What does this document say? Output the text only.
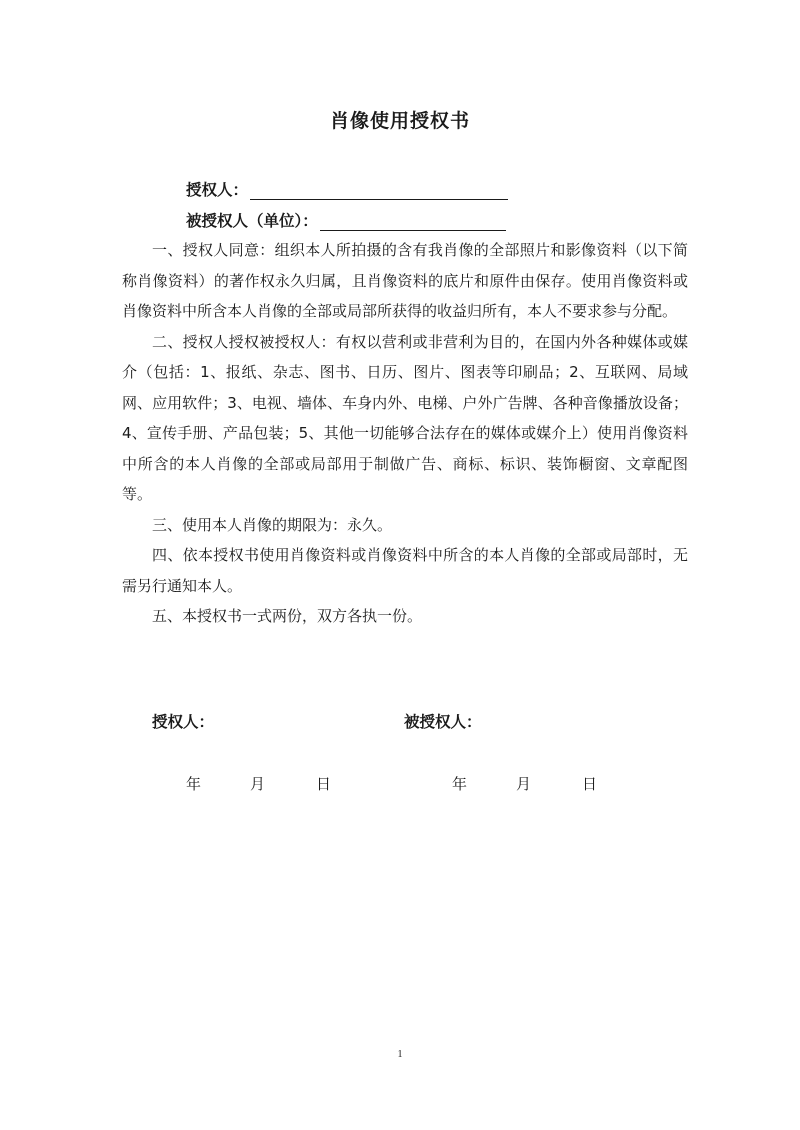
肖像使用授权书
授权人：
被授权人（单位）：

一、授权人同意：组织本人所拍摄的含有我肖像的全部照片和影像资料（以下简称肖像资料）的著作权永久归属，且肖像资料的底片和原件由保存。使用肖像资料或肖像资料中所含本人肖像的全部或局部所获得的收益归所有，本人不要求参与分配。

二、授权人授权被授权人：有权以营利或非营利为目的，在国内外各种媒体或媒介（包括：1、报纸、杂志、图书、日历、图片、图表等印刷品；2、互联网、局域网、应用软件；3、电视、墙体、车身内外、电梯、户外广告牌、各种音像播放设备；4、宣传手册、产品包装；5、其他一切能够合法存在的媒体或媒介上）使用肖像资料中所含的本人肖像的全部或局部用于制做广告、商标、标识、装饰橱窗、文章配图等。

三、使用本人肖像的期限为：永久。

四、依本授权书使用肖像资料或肖像资料中所含的本人肖像的全部或局部时，无需另行通知本人。

五、本授权书一式两份，双方各执一份。

授权人：	被授权人：
年	月	日	年	月	日
1
